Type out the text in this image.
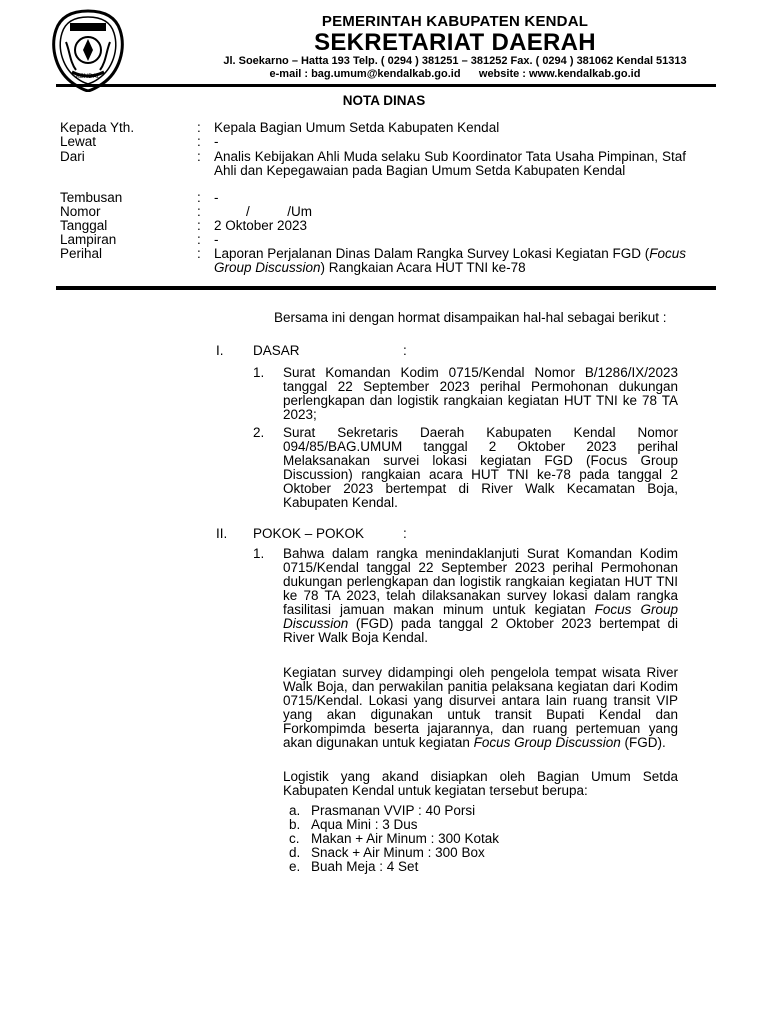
KENDAL
PEMERINTAH KABUPATEN KENDAL
SEKRETARIAT DAERAH
Jl. Soekarno – Hatta 193 Telp. ( 0294 ) 381251 – 381252 Fax. ( 0294 ) 381062 Kendal 51313
e-mail : bag.umum@kendalkab.go.id      website : www.kendalkab.go.id
NOTA DINAS
Kepada Yth.	: Kepala Bagian Umum Setda Kabupaten Kendal
Lewat	: -
Dari	: Analis Kebijakan Ahli Muda selaku Sub Koordinator Tata Usaha Pimpinan, Staf Ahli dan Kepegawaian pada Bagian Umum Setda Kabupaten Kendal
Tembusan	: -
Nomor	:	/          /Um
Tanggal	: 2 Oktober 2023
Lampiran	: -
Perihal	: Laporan Perjalanan Dinas Dalam Rangka Survey Lokasi Kegiatan FGD (Focus Group Discussion) Rangkaian Acara HUT TNI ke-78
Bersama ini dengan hormat disampaikan hal-hal sebagai berikut :
I. DASAR	:
1. Surat Komandan Kodim 0715/Kendal Nomor B/1286/IX/2023 tanggal 22 September 2023 perihal Permohonan dukungan perlengkapan dan logistik rangkaian kegiatan HUT TNI ke 78 TA 2023;
2. Surat Sekretaris Daerah Kabupaten Kendal Nomor 094/85/BAG.UMUM tanggal 2 Oktober 2023 perihal Melaksanakan survei lokasi kegiatan FGD (Focus Group Discussion) rangkaian acara HUT TNI ke-78 pada tanggal 2 Oktober 2023 bertempat di River Walk Kecamatan Boja, Kabupaten Kendal.
II. POKOK – POKOK	:
1. Bahwa dalam rangka menindaklanjuti Surat Komandan Kodim 0715/Kendal tanggal 22 September 2023 perihal Permohonan dukungan perlengkapan dan logistik rangkaian kegiatan HUT TNI ke 78 TA 2023, telah dilaksanakan survey lokasi dalam rangka fasilitasi jamuan makan minum untuk kegiatan Focus Group Discussion (FGD) pada tanggal 2 Oktober 2023 bertempat di River Walk Boja Kendal.
Kegiatan survey didampingi oleh pengelola tempat wisata River Walk Boja, dan perwakilan panitia pelaksana kegiatan dari Kodim 0715/Kendal. Lokasi yang disurvei antara lain ruang transit VIP yang akan digunakan untuk transit Bupati Kendal dan Forkompimda beserta jajarannya, dan ruang pertemuan yang akan digunakan untuk kegiatan Focus Group Discussion (FGD).
Logistik yang akand disiapkan oleh Bagian Umum Setda Kabupaten Kendal untuk kegiatan tersebut berupa:
a. Prasmanan VVIP : 40 Porsi
b. Aqua Mini : 3 Dus
c. Makan + Air Minum : 300 Kotak
d. Snack + Air Minum : 300 Box
e. Buah Meja : 4 Set
